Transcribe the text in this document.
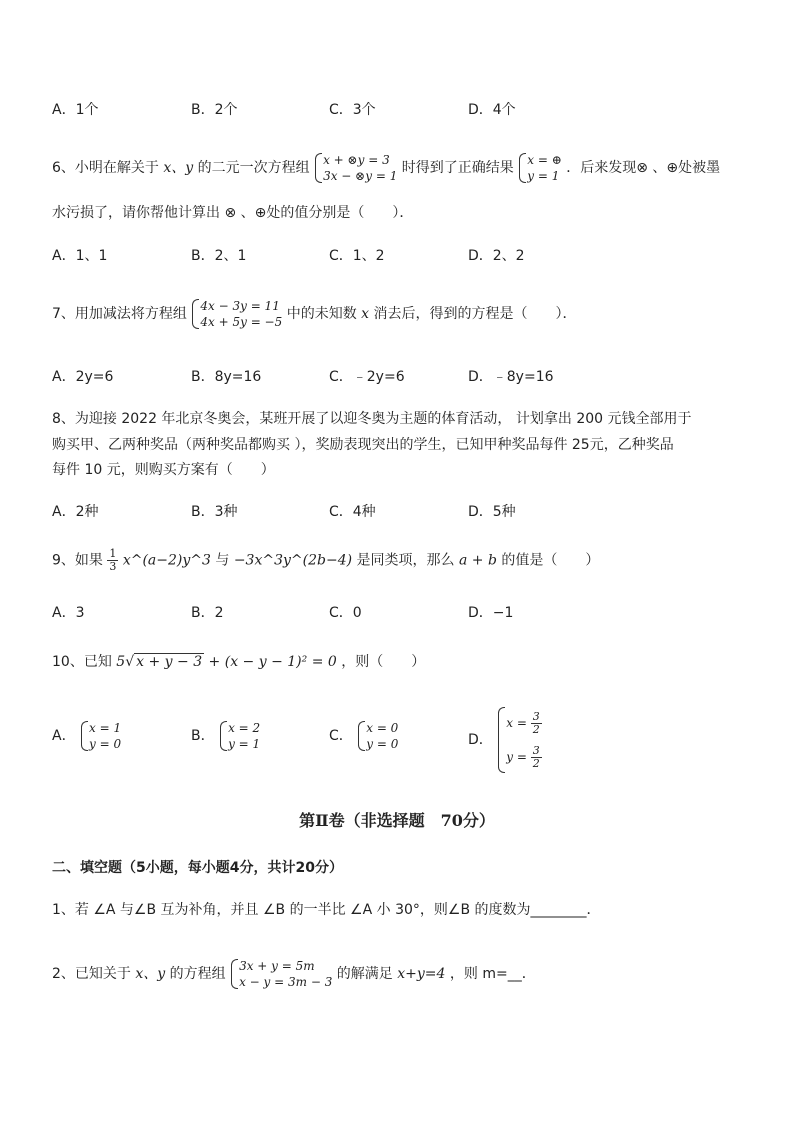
A．1个	B．2个	C．3个	D．4个
6、小明在解关于 x、y 的二元一次方程组 x + ⊗y = 3
3x − ⊗y = 1 时得到了正确结果 x = ⊕
y = 1 ．后来发现⊗ 、⊕处被墨
水污损了，请你帮他计算出 ⊗ 、⊕处的值分别是（　　）．
A．1、1	B．2、1	C．1、2	D．2、2
7、用加减法将方程组 4x − 3y = 11
4x + 5y = −5 中的未知数 x 消去后，得到的方程是（　　）．
A．2y=6	B．8y=16	C．﹣2y=6	D．﹣8y=16
8、为迎接 2022 年北京冬奥会，某班开展了以迎冬奥为主题的体育活动， 计划拿出 200 元钱全部用于
购买甲、乙两种奖品（两种奖品都购买 ），奖励表现突出的学生，已知甲种奖品每件 25元，乙种奖品
每件 10 元，则购买方案有（　　）
A．2种	B．3种	C．4种	D．5种
9、如果 $\frac{1}{3}$ x^(a−2)y^3 与 −3x^3y^(2b−4) 是同类项，那么 a + b 的值是（　　）
A．3	B．2	C．0	D．−1
10、已知 5√ x + y − 3 + (x − y − 1)² = 0 ，则（　　）
A． x = 1
y = 0	B． x = 2
y = 1	C． x = 0
y = 0	D．
$x = \frac{3}{2}$
$y = \frac{3}{2}$
第Ⅱ卷（非选择题　70分）
二、填空题（5小题，每小题4分，共计20分）
1、若 ∠A 与∠B 互为补角，并且 ∠B 的一半比 ∠A 小 30°，则∠B 的度数为________．
2、已知关于 x、y 的方程组 3x + y = 5m
x − y = 3m − 3 的解满足 x+y=4 ，则 m=__．
